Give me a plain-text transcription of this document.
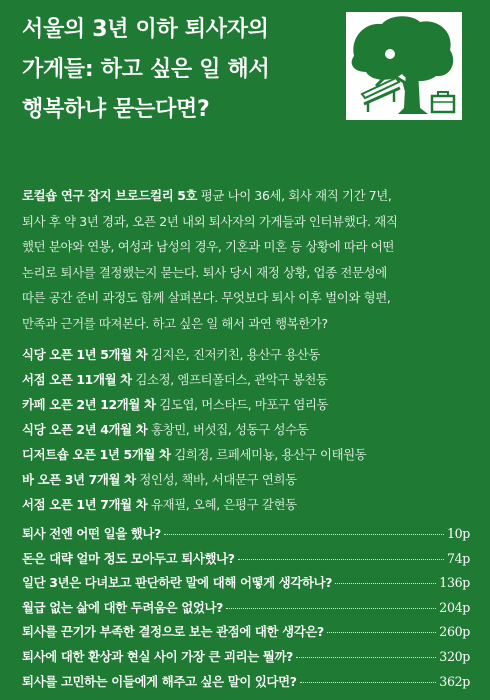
서울의 3년 이하 퇴사자의
가게들: 하고 싶은 일 해서
행복하냐 묻는다면?
로컬숍 연구 잡지 브로드컬리 5호 평균 나이 36세, 회사 재직 기간 7년,
퇴사 후 약 3년 경과, 오픈 2년 내외 퇴사자의 가게들과 인터뷰했다. 재직
했던 분야와 연봉, 여성과 남성의 경우, 기혼과 미혼 등 상황에 따라 어떤
논리로 퇴사를 결정했는지 묻는다. 퇴사 당시 재정 상황, 업종 전문성에
따른 공간 준비 과정도 함께 살펴본다. 무엇보다 퇴사 이후 벌이와 형편,
만족과 근거를 따져본다. 하고 싶은 일 해서 과연 행복한가?
식당 오픈 1년 5개월 차 김지은, 진저키친, 용산구 용산동
서점 오픈 11개월 차 김소정, 엠프티폴더스, 관악구 봉천동
카페 오픈 2년 12개월 차 김도엽, 머스타드, 마포구 염리동
식당 오픈 2년 4개월 차 홍창민, 버섯집, 성동구 성수동
디저트숍 오픈 1년 5개월 차 김희정, 르페세미뇽, 용산구 이태원동
바 오픈 3년 7개월 차 정인성, 책바, 서대문구 연희동
서점 오픈 1년 7개월 차 유재필, 오혜, 은평구 갈현동
퇴사 전엔 어떤 일을 했나?	10p
돈은 대략 얼마 정도 모아두고 퇴사했나?	74p
일단 3년은 다녀보고 판단하란 말에 대해 어떻게 생각하나?	136p
월급 없는 삶에 대한 두려움은 없었나?	204p
퇴사를 끈기가 부족한 결정으로 보는 관점에 대한 생각은?	260p
퇴사에 대한 환상과 현실 사이 가장 큰 괴리는 뭘까?	320p
퇴사를 고민하는 이들에게 해주고 싶은 말이 있다면?	362p
